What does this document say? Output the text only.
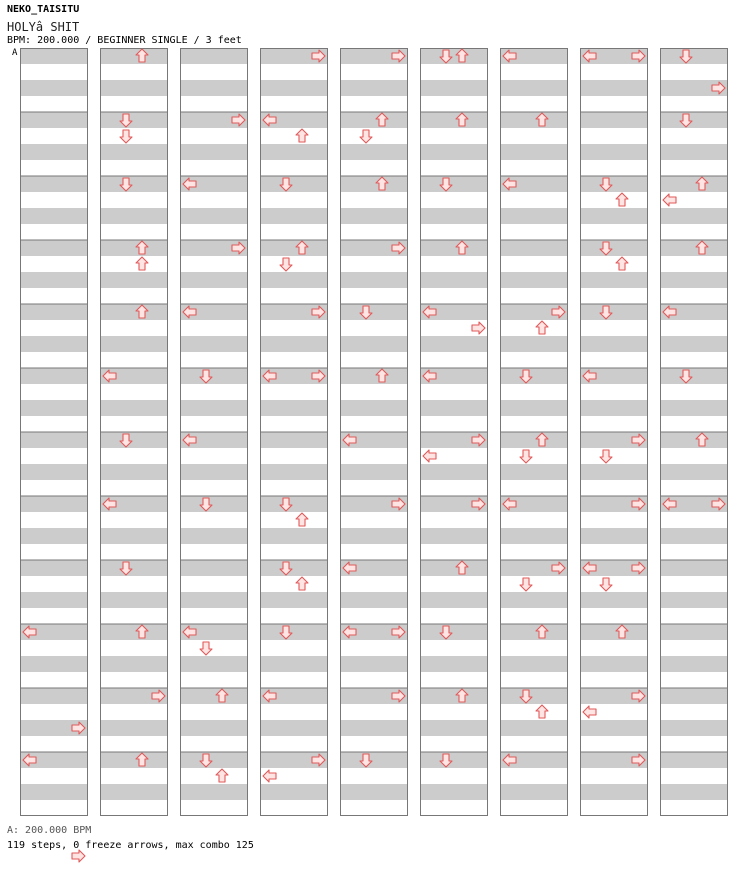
NEKO_TAISITU
HOLYâ SHIT
BPM: 200.000 / BEGINNER SINGLE / 3 feet
A
A: 200.000 BPM
119 steps, 0 freeze arrows, max combo 125
